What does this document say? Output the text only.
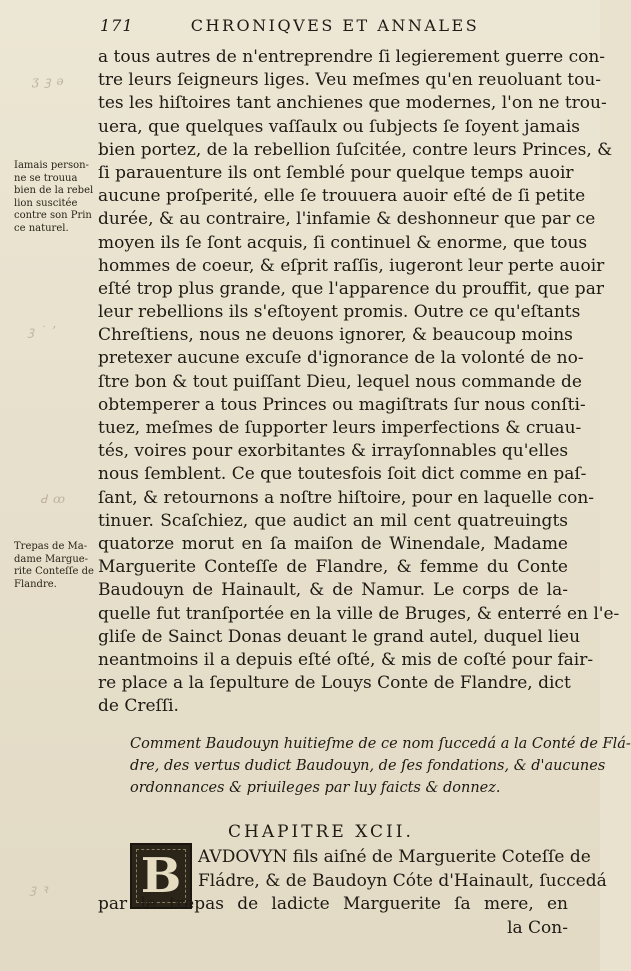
171	CHRONIQVES ET ANNALES
ʒ ꝫ ǝ
ꝫ ˙ ʼ
ꓒ ꝏ
ꝫ ꝛ
Iamais person-
ne se trouua
bien de la rebel
lion suscitée
contre son Prin
ce naturel.
Trepas de Ma-
dame Margue-
rite Conteſſe de
Flandre.
a tous autres de n'entreprendre ſi legierement guerre con-
tre leurs ſeigneurs liges. Veu meſmes qu'en reuoluant tou-
tes les hiſtoires tant anchienes que modernes, l'on ne trou-
uera, que quelques vaſſaulx ou ſubjects ſe ſoyent jamais
bien portez, de la rebellion ſuſcitée, contre leurs Princes, &
ſi parauenture ils ont ſemblé pour quelque temps auoir
aucune proſperité, elle ſe trouuera auoir eſté de ſi petite
durée, & au contraire, l'infamie & deshonneur que par ce
moyen ils ſe ſont acquis, ſi continuel & enorme, que tous
hommes de coeur, & eſprit raſſis, iugeront leur perte auoir
eſté trop plus grande, que l'apparence du prouffit, que par
leur rebellions ils s'eſtoyent promis. Outre ce qu'eſtants
Chreſtiens, nous ne deuons ignorer, & beaucoup moins
pretexer aucune excuſe d'ignorance de la volonté de no-
ſtre bon & tout puiſſant Dieu, lequel nous commande de
obtemperer a tous Princes ou magiſtrats ſur nous conſti-
tuez, meſmes de ſupporter leurs imperfections & cruau-
tés, voires pour exorbitantes & irrayſonnables qu'elles
nous ſemblent. Ce que toutesfois ſoit dict comme en paſ-
ſant, & retournons a noſtre hiſtoire, pour en laquelle con-
tinuer. Scaſchiez, que audict an mil cent quatreuingts
quatorze morut en ſa maiſon de Winendale, Madame
Marguerite Conteſſe de Flandre, & femme du Conte
Baudouyn de Hainault, & de Namur. Le corps de la-
quelle fut tranſportée en la ville de Bruges, & enterré en l'e-
gliſe de Sainct Donas deuant le grand autel, duquel lieu
neantmoins il a depuis eſté oſté, & mis de coſté pour fair-
re place a la ſepulture de Louys Conte de Flandre, dict
de Creſſi.
Comment Baudouyn huitieſme de ce nom ſuccedá a la Conté de Flá-
dre, des vertus dudict Baudouyn, de ſes fondations, & d'aucunes
ordonnances & priuileges par luy faicts & donnez.
CHAPITRE XCII.
B AVDOVYN fils aiſné de Marguerite Coteſſe de
Fládre, & de Baudoyn Cóte d'Hainault, ſuccedá
par le trepas de ladicte Marguerite ſa mere, en
la Con-
